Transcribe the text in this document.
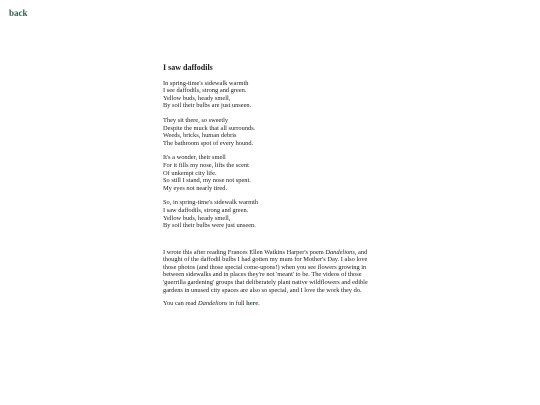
back
I saw daffodils
In spring-time's sidewalk warmth
I see daffodils, strong and green.
Yellow buds, heady smell,
By soil their bulbs are just unseen.
They sit there, so sweetly
Despite the muck that all surrounds.
Weeds, bricks, human debris
The bathroom spot of every hound.
It's a wonder, their smell
For it fills my nose, lifts the scent
Of unkempt city life.
So still I stand, my nose not spent.
My eyes not nearly tired.
So, in spring-time's sidewalk warmth
I saw daffodils, strong and green.
Yellow buds, heady smell,
By soil their bulbs were just unseen.

I wrote this after reading Frances Ellen Watkins Harper's poem Dandelions, and thought of the daffodil bulbs I had gotten my mum for Mother's Day. I also love those photos (and those special come-upons!) when you see flowers growing in between sidewalks and in places they're not 'meant' to be. The videos of those 'guerrilla gardening' groups that deliberately plant native wildflowers and edible gardens in unused city spaces are also so special, and I love the work they do.

You can read Dandelions in full here.
